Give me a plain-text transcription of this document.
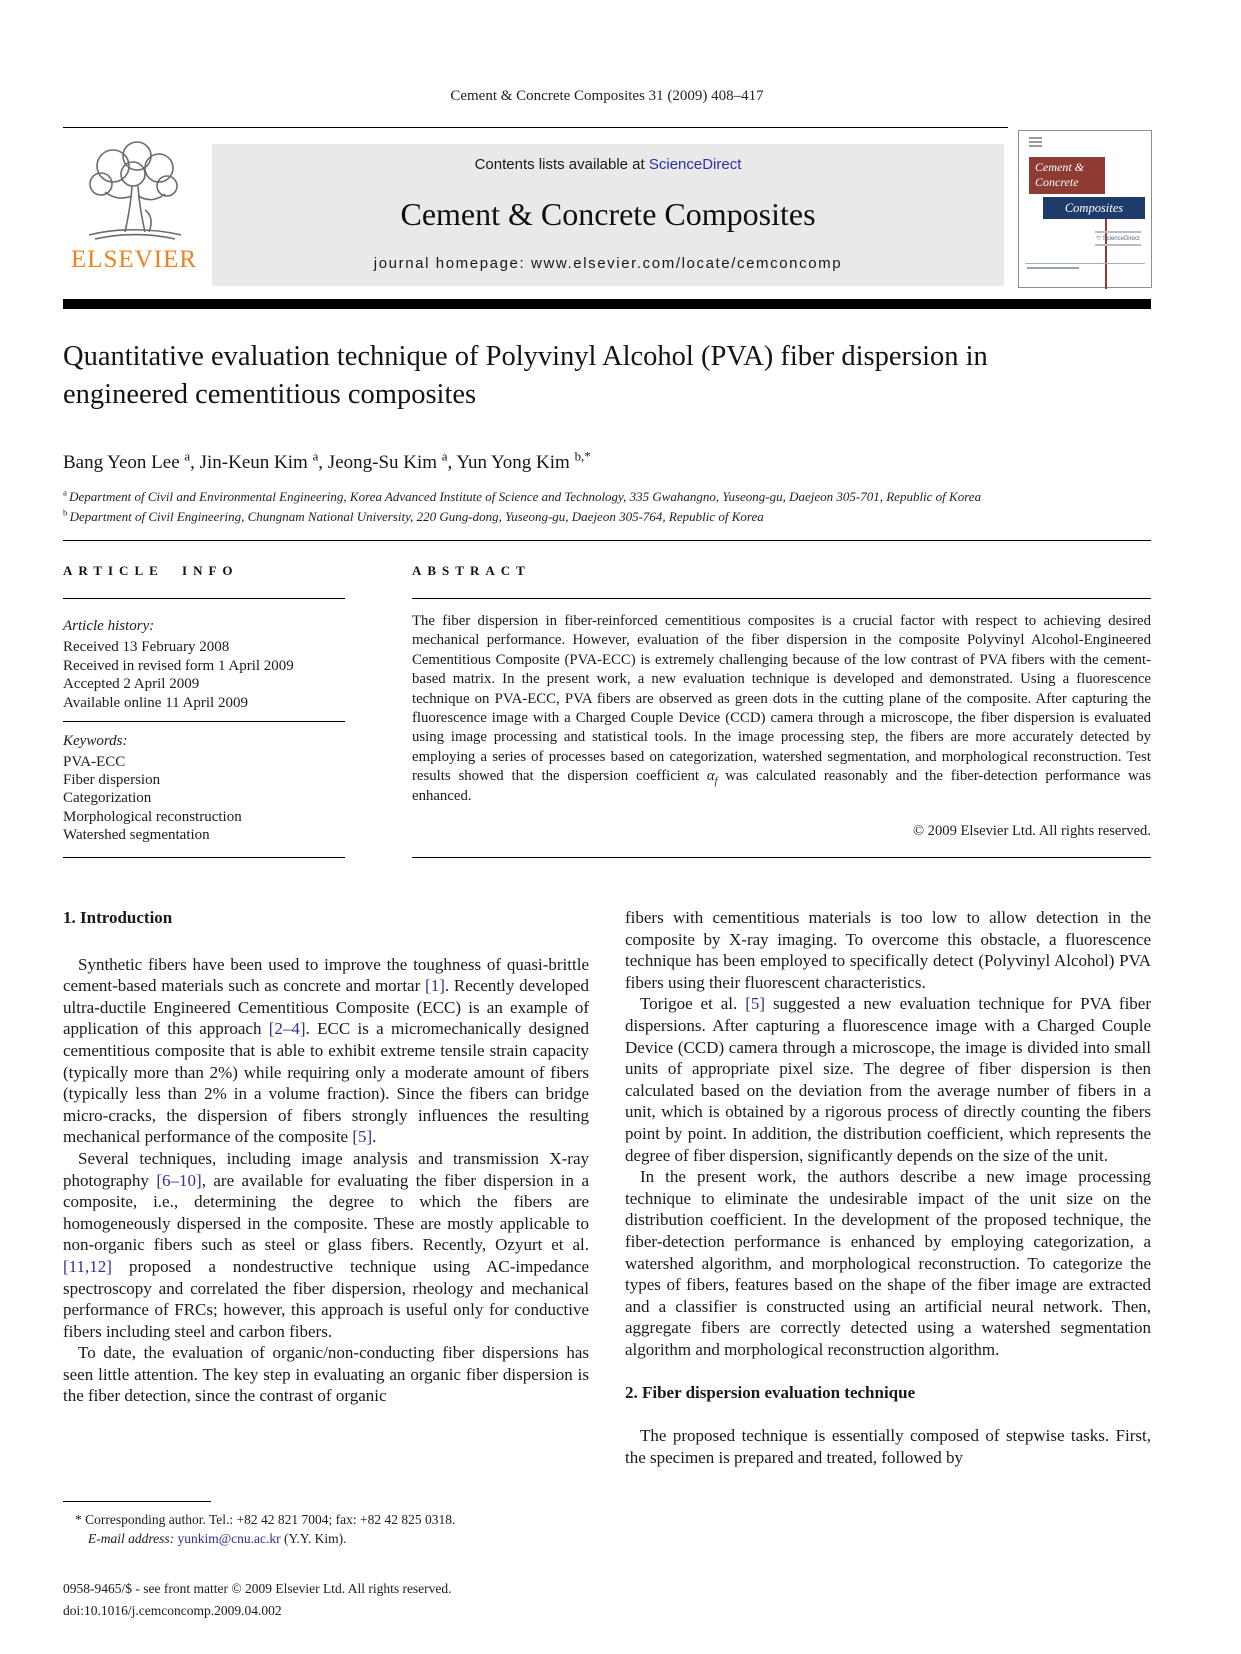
Cement & Concrete Composites 31 (2009) 408–417
ELSEVIER
Contents lists available at ScienceDirect
Cement & Concrete Composites
journal homepage: www.elsevier.com/locate/cemconcomp
Cement &
Concrete
Composites
▽ ScienceDirect
Quantitative evaluation technique of Polyvinyl Alcohol (PVA) fiber dispersion in engineered cementitious composites
Bang Yeon Lee $^a$, Jin-Keun Kim $^a$, Jeong-Su Kim $^a$, Yun Yong Kim $^{b,*}$
$^a$ Department of Civil and Environmental Engineering, Korea Advanced Institute of Science and Technology, 335 Gwahangno, Yuseong-gu, Daejeon 305-701, Republic of Korea
$^b$ Department of Civil Engineering, Chungnam National University, 220 Gung-dong, Yuseong-gu, Daejeon 305-764, Republic of Korea
ARTICLE INFO	ABSTRACT
Article history:
Received 13 February 2008
Received in revised form 1 April 2009
Accepted 2 April 2009
Available online 11 April 2009
Keywords:
PVA-ECC
Fiber dispersion
Categorization
Morphological reconstruction
Watershed segmentation
The fiber dispersion in fiber-reinforced cementitious composites is a crucial factor with respect to achieving desired mechanical performance. However, evaluation of the fiber dispersion in the composite Polyvinyl Alcohol-Engineered Cementitious Composite (PVA-ECC) is extremely challenging because of the low contrast of PVA fibers with the cement-based matrix. In the present work, a new evaluation technique is developed and demonstrated. Using a fluorescence technique on PVA-ECC, PVA fibers are observed as green dots in the cutting plane of the composite. After capturing the fluorescence image with a Charged Couple Device (CCD) camera through a microscope, the fiber dispersion is evaluated using image processing and statistical tools. In the image processing step, the fibers are more accurately detected by employing a series of processes based on categorization, watershed segmentation, and morphological reconstruction. Test results showed that the dispersion coefficient $\alpha_f$ was calculated reasonably and the fiber-detection performance was enhanced.
© 2009 Elsevier Ltd. All rights reserved.
1. Introduction

Synthetic fibers have been used to improve the toughness of quasi-brittle cement-based materials such as concrete and mortar [1]. Recently developed ultra-ductile Engineered Cementitious Composite (ECC) is an example of application of this approach [2–4]. ECC is a micromechanically designed cementitious composite that is able to exhibit extreme tensile strain capacity (typically more than 2%) while requiring only a moderate amount of fibers (typically less than 2% in a volume fraction). Since the fibers can bridge micro-cracks, the dispersion of fibers strongly influences the resulting mechanical performance of the composite [5].

Several techniques, including image analysis and transmission X-ray photography [6–10], are available for evaluating the fiber dispersion in a composite, i.e., determining the degree to which the fibers are homogeneously dispersed in the composite. These are mostly applicable to non-organic fibers such as steel or glass fibers. Recently, Ozyurt et al. [11,12] proposed a nondestructive technique using AC-impedance spectroscopy and correlated the fiber dispersion, rheology and mechanical performance of FRCs; however, this approach is useful only for conductive fibers including steel and carbon fibers.

To date, the evaluation of organic/non-conducting fiber dispersions has seen little attention. The key step in evaluating an organic fiber dispersion is the fiber detection, since the contrast of organic

fibers with cementitious materials is too low to allow detection in the composite by X-ray imaging. To overcome this obstacle, a fluorescence technique has been employed to specifically detect (Polyvinyl Alcohol) PVA fibers using their fluorescent characteristics.

Torigoe et al. [5] suggested a new evaluation technique for PVA fiber dispersions. After capturing a fluorescence image with a Charged Couple Device (CCD) camera through a microscope, the image is divided into small units of appropriate pixel size. The degree of fiber dispersion is then calculated based on the deviation from the average number of fibers in a unit, which is obtained by a rigorous process of directly counting the fibers point by point. In addition, the distribution coefficient, which represents the degree of fiber dispersion, significantly depends on the size of the unit.

In the present work, the authors describe a new image processing technique to eliminate the undesirable impact of the unit size on the distribution coefficient. In the development of the proposed technique, the fiber-detection performance is enhanced by employing categorization, a watershed algorithm, and morphological reconstruction. To categorize the types of fibers, features based on the shape of the fiber image are extracted and a classifier is constructed using an artificial neural network. Then, aggregate fibers are correctly detected using a watershed segmentation algorithm and morphological reconstruction algorithm.

2. Fiber dispersion evaluation technique

The proposed technique is essentially composed of stepwise tasks. First, the specimen is prepared and treated, followed by

* Corresponding author. Tel.: +82 42 821 7004; fax: +82 42 825 0318.
E-mail address: yunkim@cnu.ac.kr (Y.Y. Kim).
0958-9465/$ - see front matter © 2009 Elsevier Ltd. All rights reserved.
doi:10.1016/j.cemconcomp.2009.04.002
